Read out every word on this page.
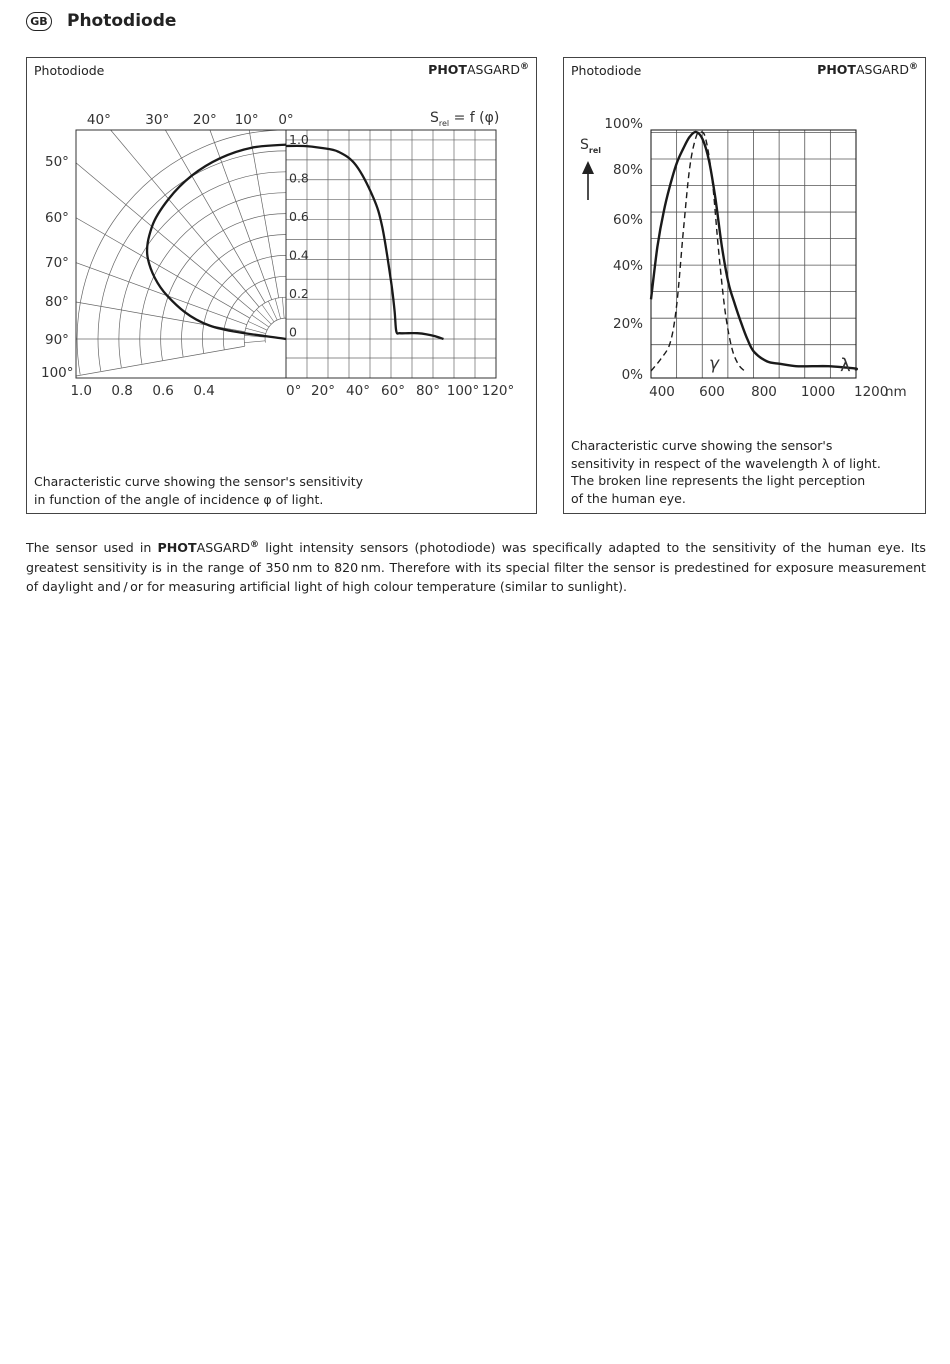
GB Photodiode
Photodiode	PHOTASGARD®
40°	30° 20° 10° 0°
50°
60°
70°
80°
90°
100°
1.0 0.8 0.6 0.4
1.0
0.8
0.6
0.4
0.2
0
0° 20° 40° 60° 80° 100° 120°
$S_{rel} = f$ (φ)
Characteristic curve showing the sensor's sensitivity
in function of the angle of incidence φ of light.
Photodiode	PHOTASGARD®
100%
80%
60%
40%
20%
0%
400 600 800 1000 1200
nm
$S_{rel}$
γ	λ
Characteristic curve showing the sensor's
sensitivity in respect of the wavelength λ of light.
The broken line represents the light perception
of the human eye.
The sensor used in PHOTASGARD® light intensity sensors (photodiode) was specifically adapted to the sensitivity of the human eye. Its greatest sensitivity is in the range of 350 nm to 820 nm. Therefore with its special filter the sensor is predestined for exposure measurement of daylight and / or for measuring artificial light of high colour temperature (similar to sunlight).
